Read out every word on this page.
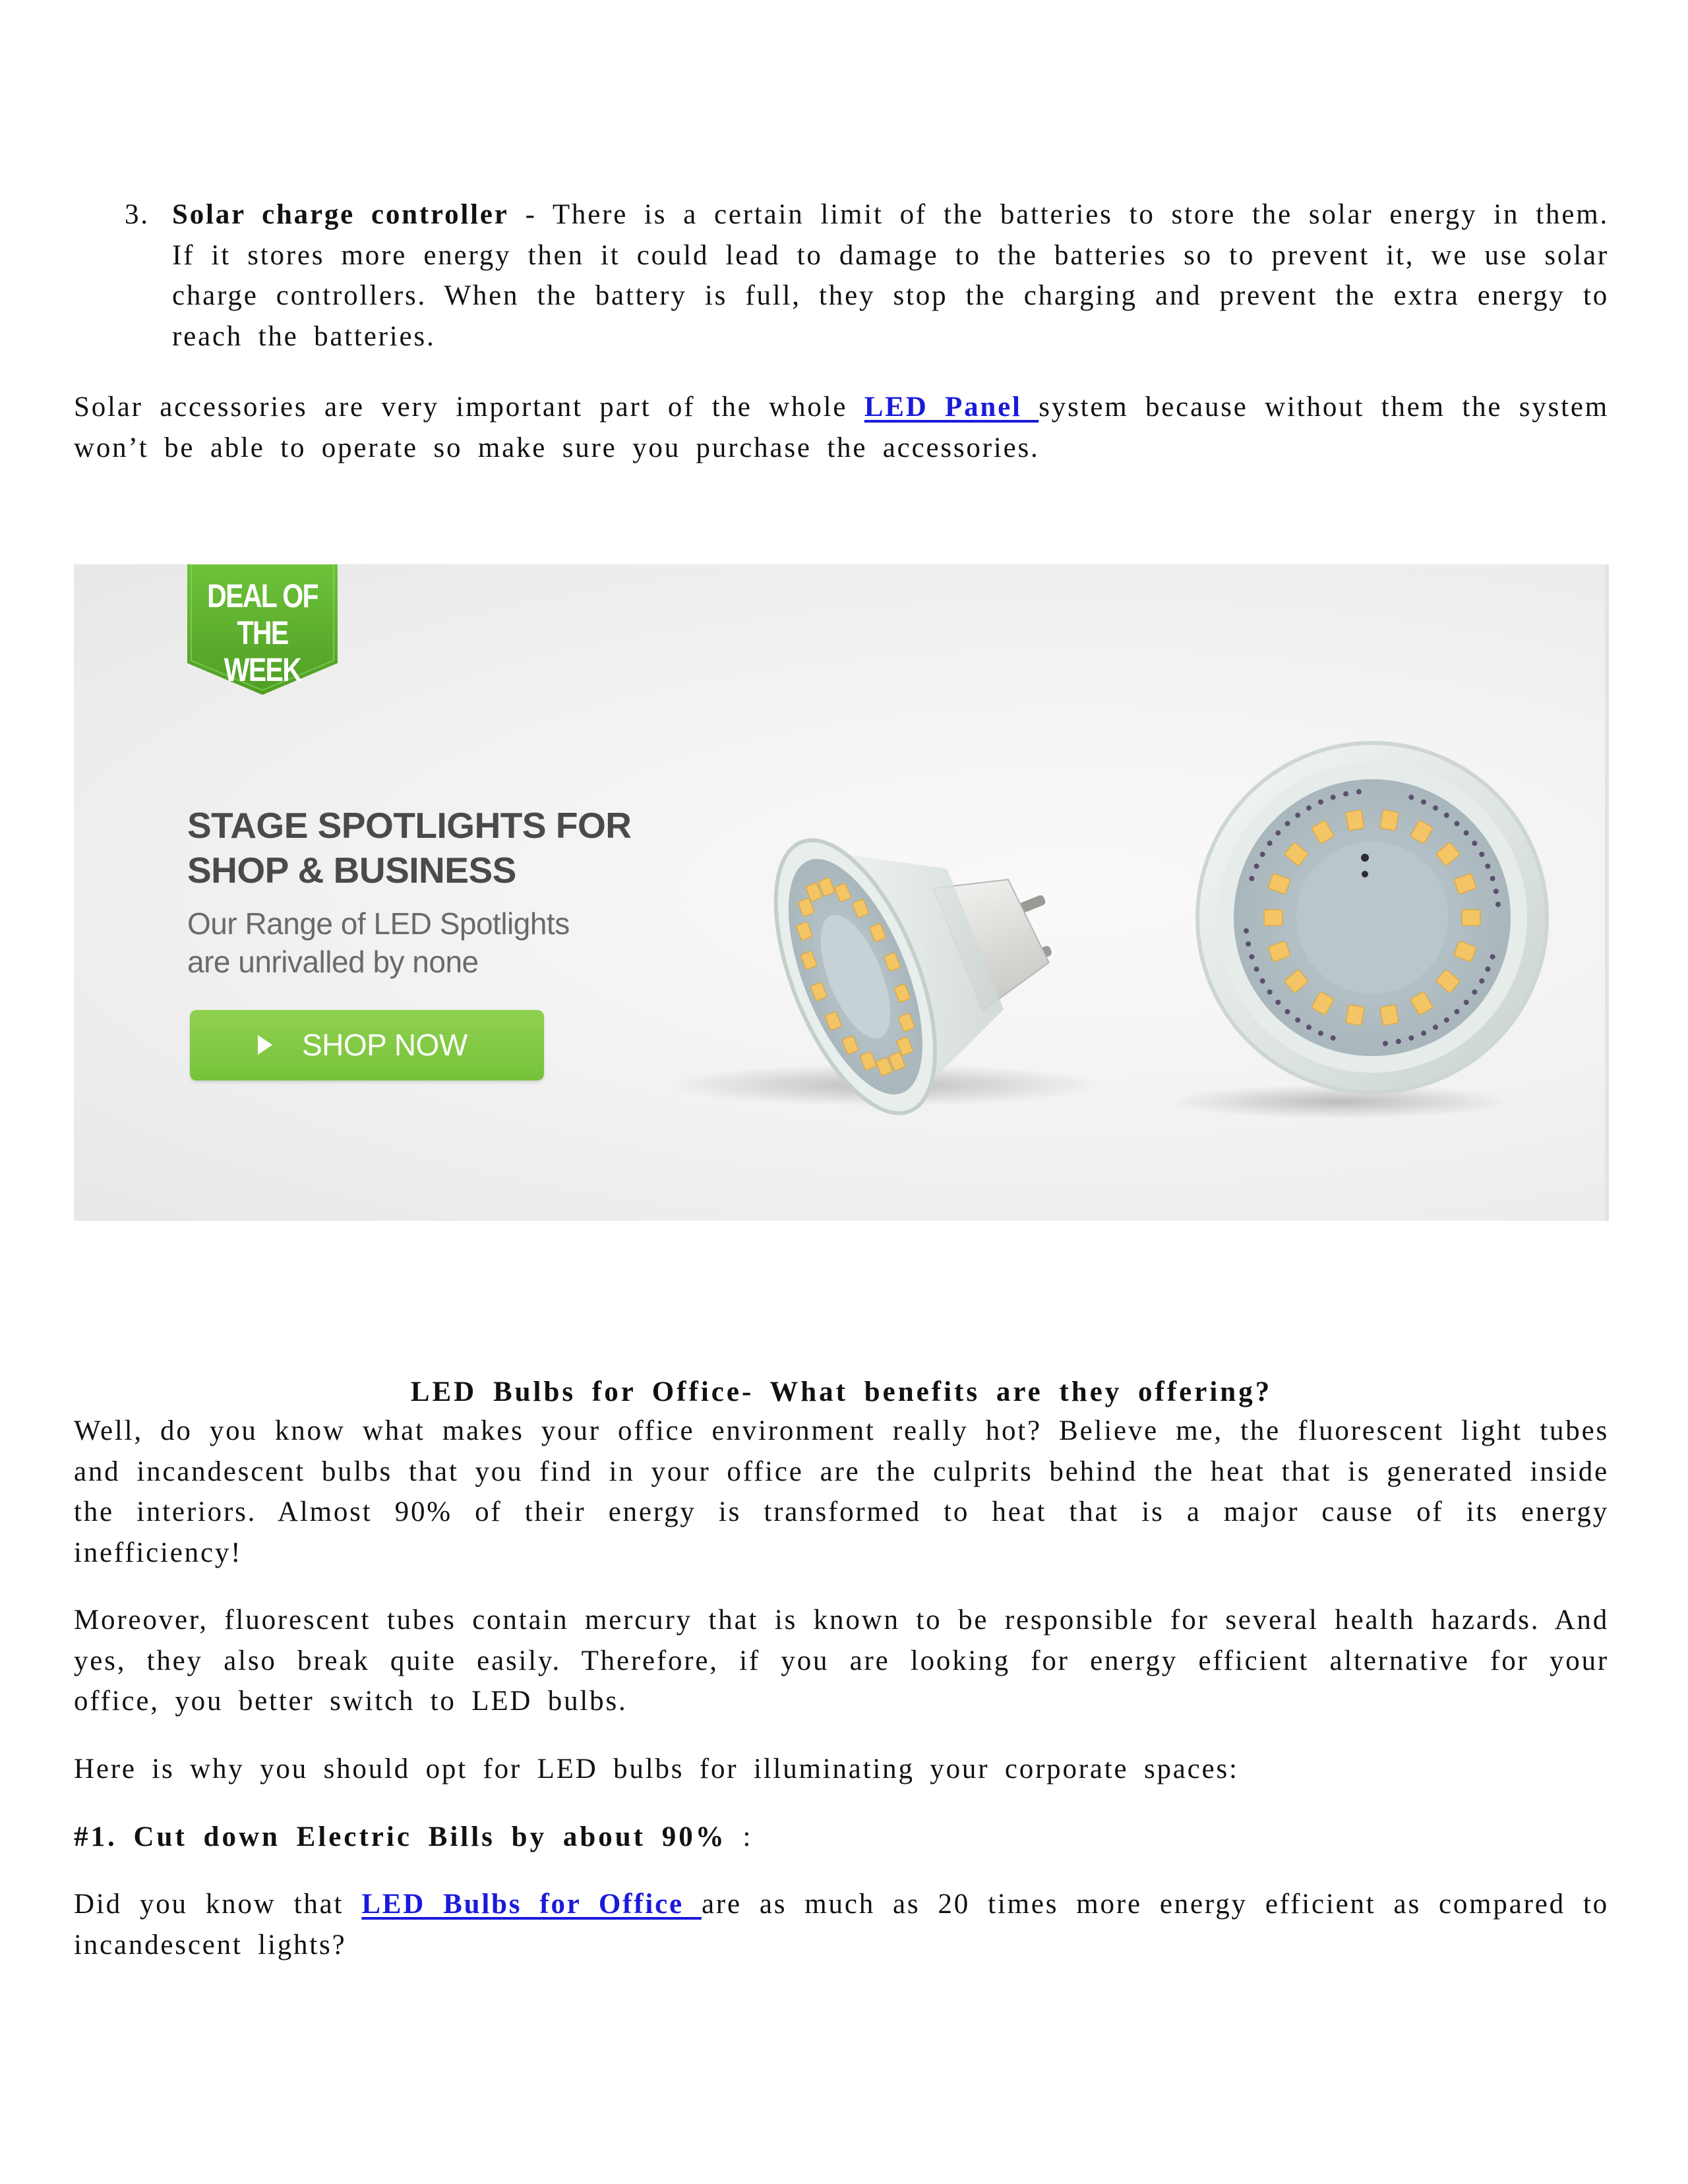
3. Solar charge controller - There is a certain limit of the batteries to store the solar energy in them. If it stores more energy then it could lead to damage to the batteries so to prevent it, we use solar charge controllers. When the battery is full, they stop the charging and prevent the extra energy to reach the batteries.

Solar accessories are very important part of the whole LED Panel system because without them the system won’t be able to operate so make sure you purchase the accessories.

DEAL OF
THE WEEK
STAGE SPOTLIGHTS FOR
SHOP & BUSINESS
Our Range of LED Spotlights
are unrivalled by none
SHOP NOW

LED Bulbs for Office- What benefits are they offering?

Well, do you know what makes your office environment really hot? Believe me, the fluorescent light tubes and incandescent bulbs that you find in your office are the culprits behind the heat that is generated inside the interiors. Almost 90% of their energy is transformed to heat that is a major cause of its energy inefficiency!

Moreover, fluorescent tubes contain mercury that is known to be responsible for several health hazards. And yes, they also break quite easily. Therefore, if you are looking for energy efficient alternative for your office, you better switch to LED bulbs.

Here is why you should opt for LED bulbs for illuminating your corporate spaces:

#1. Cut down Electric Bills by about 90% :

Did you know that LED Bulbs for Office are as much as 20 times more energy efficient as compared to incandescent lights?
